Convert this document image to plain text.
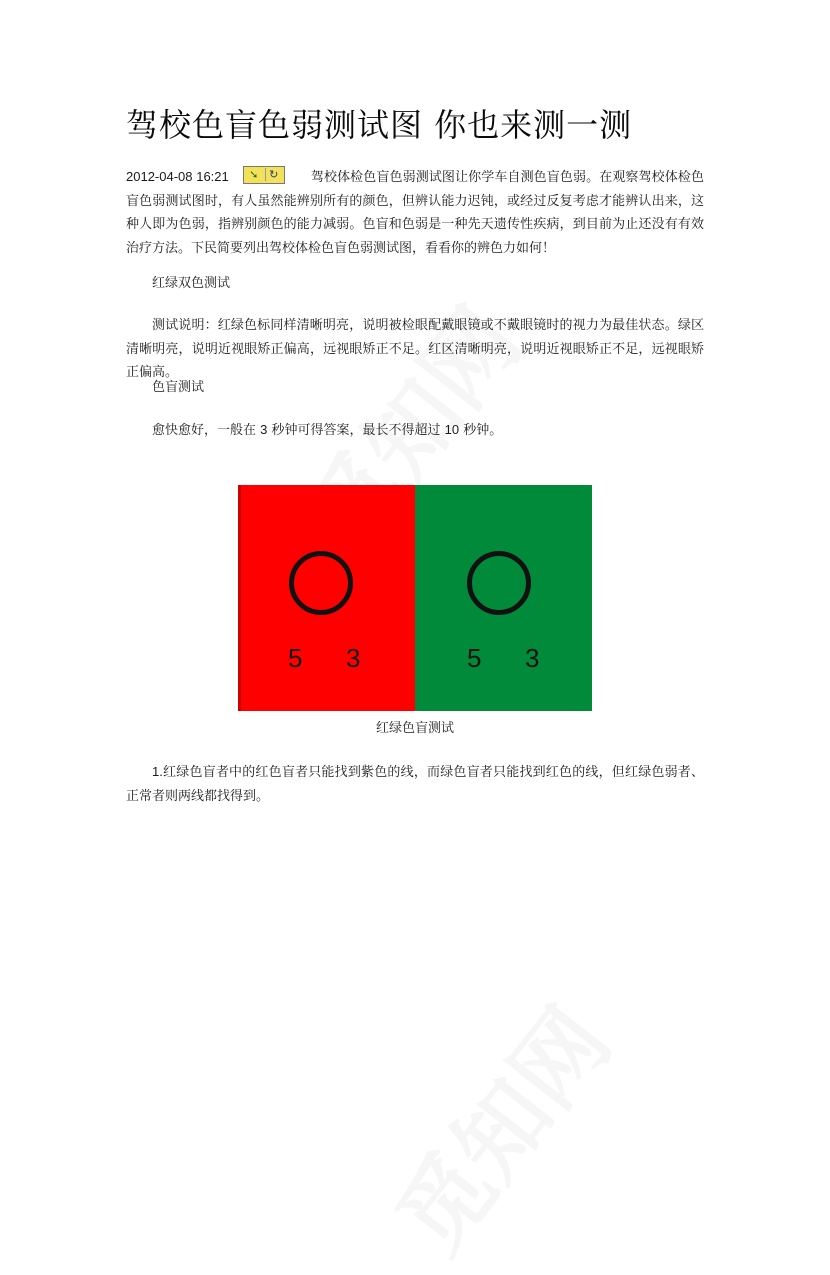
驾校色盲色弱测试图 你也来测一测
2012-04-08 16:21	➘ ↻ 驾校体检色盲色弱测试图让你学车自测色盲色弱。在观察驾校体检色盲色弱测试图时，有人虽然能辨别所有的颜色，但辨认能力迟钝，或经过反复考虑才能辨认出来，这种人即为色弱，指辨别颜色的能力减弱。色盲和色弱是一种先天遗传性疾病，到目前为止还没有有效治疗方法。下民简要列出驾校体检色盲色弱测试图，看看你的辨色力如何！
红绿双色测试
测试说明：红绿色标同样清晰明亮，说明被检眼配戴眼镜或不戴眼镜时的视力为最佳状态。绿区清晰明亮，说明近视眼矫正偏高，远视眼矫正不足。红区清晰明亮，说明近视眼矫正不足，远视眼矫正偏高。
色盲测试
愈快愈好，一般在 3 秒钟可得答案，最长不得超过 10 秒钟。
5 3	5 3
红绿色盲测试
1.红绿色盲者中的红色盲者只能找到紫色的线，而绿色盲者只能找到红色的线，但红绿色弱者、正常者则两线都找得到。
